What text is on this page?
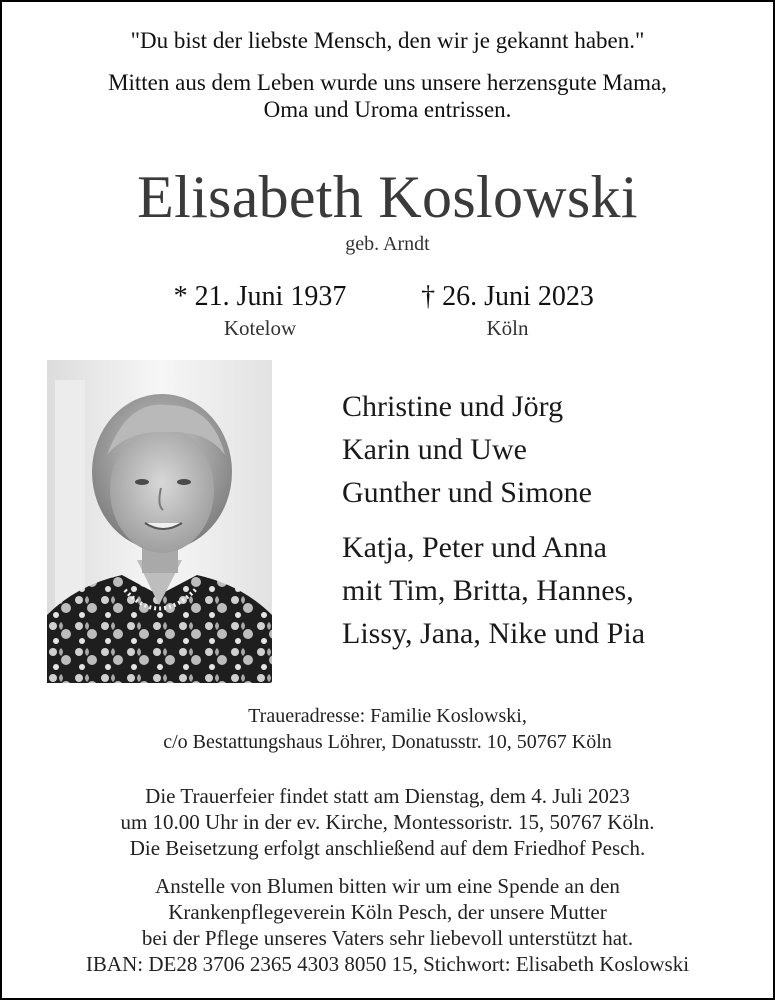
"Du bist der liebste Mensch, den wir je gekannt haben."
Mitten aus dem Leben wurde uns unsere herzensgute Mama,
Oma und Uroma entrissen.
Elisabeth Koslowski
geb. Arndt
* 21. Juni 1937
Kotelow
† 26. Juni 2023
Köln
Christine und Jörg
Karin und Uwe
Gunther und Simone
Katja, Peter und Anna
mit Tim, Britta, Hannes,
Lissy, Jana, Nike und Pia
Traueradresse: Familie Koslowski,
c/o Bestattungshaus Löhrer, Donatusstr. 10, 50767 Köln
Die Trauerfeier findet statt am Dienstag, dem 4. Juli 2023
um 10.00 Uhr in der ev. Kirche, Montessoristr. 15, 50767 Köln.
Die Beisetzung erfolgt anschließend auf dem Friedhof Pesch.
Anstelle von Blumen bitten wir um eine Spende an den
Krankenpflegeverein Köln Pesch, der unsere Mutter
bei der Pflege unseres Vaters sehr liebevoll unterstützt hat.
IBAN: DE28 3706 2365 4303 8050 15, Stichwort: Elisabeth Koslowski
